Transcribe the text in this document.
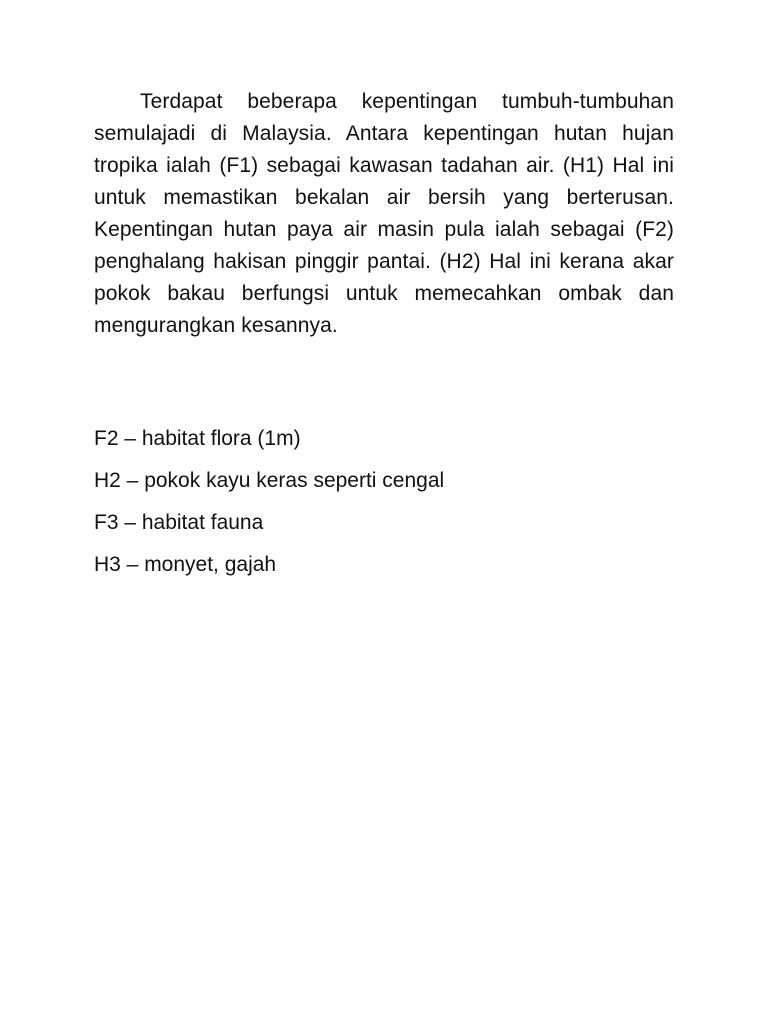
Terdapat beberapa kepentingan tumbuh-tumbuhan semulajadi di Malaysia. Antara kepentingan hutan hujan tropika ialah (F1) sebagai kawasan tadahan air. (H1) Hal ini untuk memastikan bekalan air bersih yang berterusan. Kepentingan hutan paya air masin pula ialah sebagai (F2) penghalang hakisan pinggir pantai. (H2) Hal ini kerana akar pokok bakau berfungsi untuk memecahkan ombak dan mengurangkan kesannya.

F2 – habitat flora (1m)
H2 – pokok kayu keras seperti cengal
F3 – habitat fauna
H3 – monyet, gajah
